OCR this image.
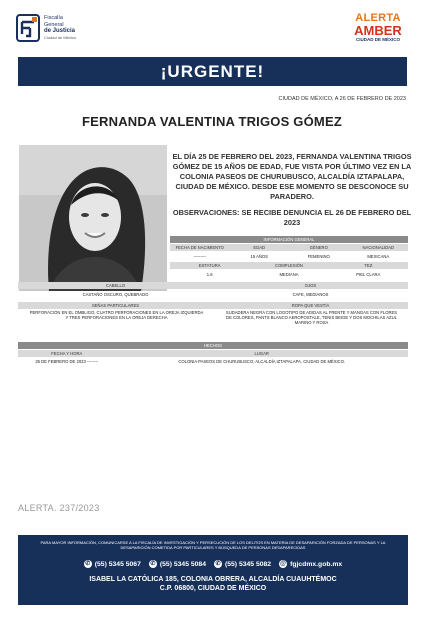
Fiscalía
General
de Justicia
Ciudad de México
ALERTA
AMBER
CIUDAD DE MÉXICO
¡URGENTE!
CIUDAD DE MÉXICO, A 26 DE FEBRERO DE 2023
FERNANDA VALENTINA TRIGOS GÓMEZ
EL DÍA 25 DE FEBRERO DEL 2023, FERNANDA VALENTINA TRIGOS GÓMEZ DE 15 AÑOS DE EDAD, FUE VISTA POR ÚLTIMO VEZ EN LA COLONIA PASEOS DE CHURUBUSCO, ALCALDÍA IZTAPALAPA, CIUDAD DE MÉXICO. DESDE ESE MOMENTO SE DESCONOCE SU PARADERO.
OBSERVACIONES: SE RECIBE DENUNCIA EL 26 DE FEBRERO DEL 2023
INFORMACIÓN GENERAL
FECHA DE NACIMIENTO	EDAD	GÉNERO	NACIONALIDAD
---------	15 AÑOS	FEMENINO	MEXICANA
ESTATURA	COMPLEXIÓN	TEZ
1.6	MEDIANA	PIEL CLARA
CABELLO	OJOS
CASTAÑO OSCURO, QUEBRADO	CAFE, MEDIANOS
SEÑAS PARTICULARES	ROPA QUE VESTÍA
PERFORACIÓN EN EL OMBLIGO, CUATRO PERFORACIONES EN LA OREJA IZQUIERDA Y TRES PERFORACIONES EN LA OREJA DERECHA
SUDADERA NEGRA CON LOGOTIPO DE ADIDAS AL FRENTE Y MANGAS CON FLORES DE COLORES, PANTS BLANCO AEROPOSTALE, TENIS BEIGE Y DOS MOCHILAS AZUL MARINO Y ROSA
HECHOS
FECHA Y HORA	LUGAR
25 DE FEBRERO DE 2023 --------	COLONIA PASEOS DE CHURUBUSCO, ALCALDÍA IZTAPALAPA, CIUDAD DE MÉXICO.
ALERTA. 237/2023
PARA MAYOR INFORMACIÓN, COMUNICARSE A LA FISCALÍA DE INVESTIGACIÓN Y PERSECUCIÓN DE LOS DELITOS EN MATERIA DE DESAPARICIÓN FORZADA DE PERSONAS Y LA DESAPARICIÓN COMETIDA POR PARTICULARES Y BÚSQUEDA DE PERSONAS DESAPARECIDAS
✆ (55) 5345 5067 ✆ (55) 5345 5084 ✆ (55) 5345 5082 @ fgjcdmx.gob.mx
ISABEL LA CATÓLICA 185, COLONIA OBRERA, ALCALDÍA CUAUHTÉMOC
C.P. 06800, CIUDAD DE MÉXICO
